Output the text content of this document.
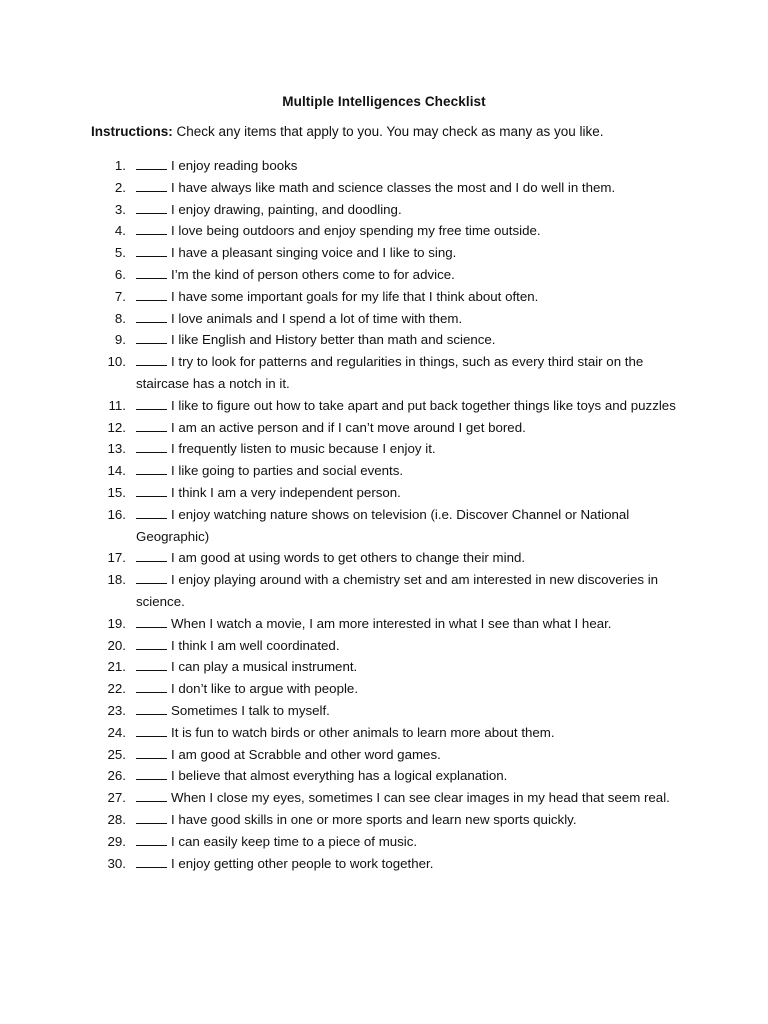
Multiple Intelligences Checklist
Instructions: Check any items that apply to you. You may check as many as you like.
1.	I enjoy reading books
2.	I have always like math and science classes the most and I do well in them.
3.	I enjoy drawing, painting, and doodling.
4.	I love being outdoors and enjoy spending my free time outside.
5.	I have a pleasant singing voice and I like to sing.
6.	I’m the kind of person others come to for advice.
7.	I have some important goals for my life that I think about often.
8.	I love animals and I spend a lot of time with them.
9.	I like English and History better than math and science.
10.	I try to look for patterns and regularities in things, such as every third stair on the staircase has a notch in it.
11.	I like to figure out how to take apart and put back together things like toys and puzzles
12.	I am an active person and if I can’t move around I get bored.
13.	I frequently listen to music because I enjoy it.
14.	I like going to parties and social events.
15.	I think I am a very independent person.
16.	I enjoy watching nature shows on television (i.e. Discover Channel or National Geographic)
17.	I am good at using words to get others to change their mind.
18.	I enjoy playing around with a chemistry set and am interested in new discoveries in science.
19.	When I watch a movie, I am more interested in what I see than what I hear.
20.	I think I am well coordinated.
21.	I can play a musical instrument.
22.	I don’t like to argue with people.
23.	Sometimes I talk to myself.
24.	It is fun to watch birds or other animals to learn more about them.
25.	I am good at Scrabble and other word games.
26.	I believe that almost everything has a logical explanation.
27.	When I close my eyes, sometimes I can see clear images in my head that seem real.
28.	I have good skills in one or more sports and learn new sports quickly.
29.	I can easily keep time to a piece of music.
30.	I enjoy getting other people to work together.
